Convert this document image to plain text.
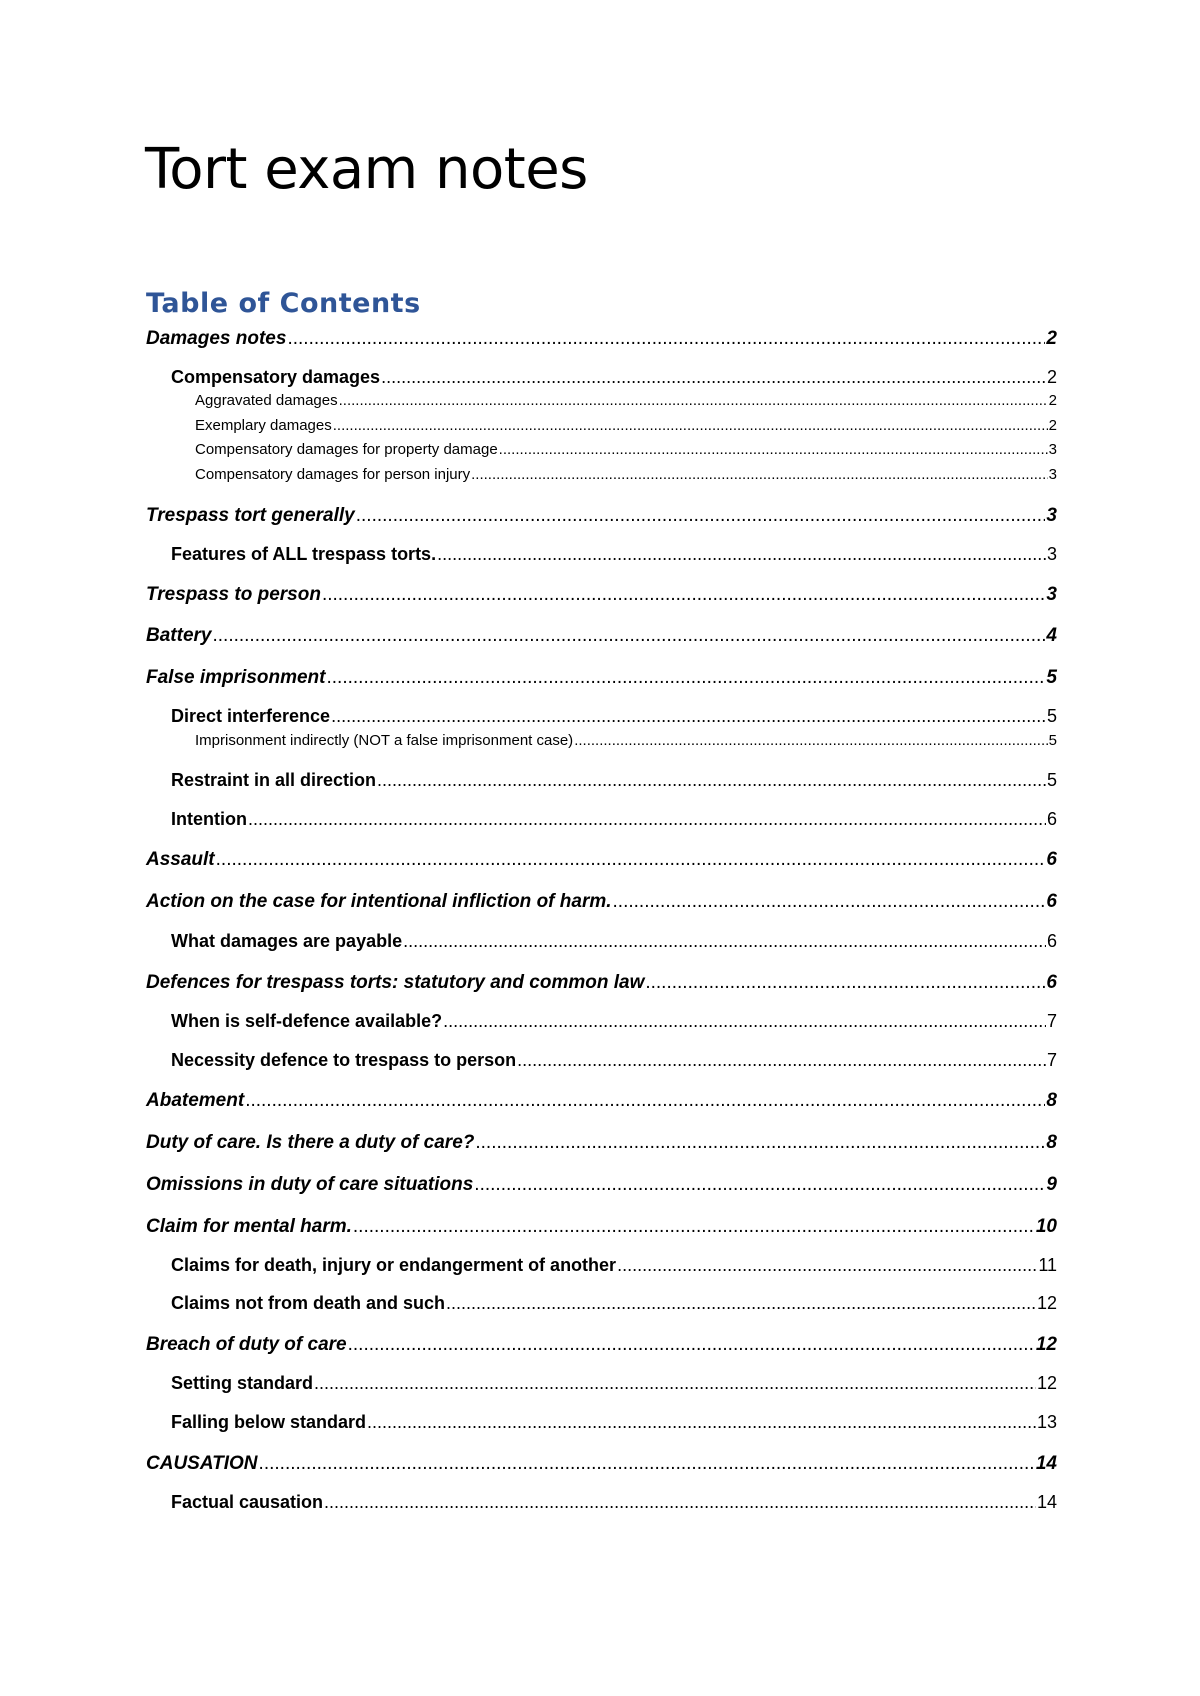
Tort exam notes
Table of Contents
Damages notes .....	2
Compensatory damages .....	2
Aggravated damages .....	2
Exemplary damages .....	2
Compensatory damages for property damage .....	3
Compensatory damages for person injury .....	3
Trespass tort generally .....	3
Features of ALL trespass torts. .....	3
Trespass to person .....	3
Battery .....	4
False imprisonment .....	5
Direct interference .....	5
Imprisonment indirectly (NOT a false imprisonment case) .....	5
Restraint in all direction .....	5
Intention .....	6
Assault .....	6
Action on the case for intentional infliction of harm. .....	6
What damages are payable .....	6
Defences for trespass torts: statutory and common law .....	6
When is self-defence available? .....	7
Necessity defence to trespass to person .....	7
Abatement .....	8
Duty of care. Is there a duty of care? .....	8
Omissions in duty of care situations .....	9
Claim for mental harm. .....	10
Claims for death, injury or endangerment of another .....	11
Claims not from death and such .....	12
Breach of duty of care .....	12
Setting standard .....	12
Falling below standard .....	13
CAUSATION .....	14
Factual causation .....	14
